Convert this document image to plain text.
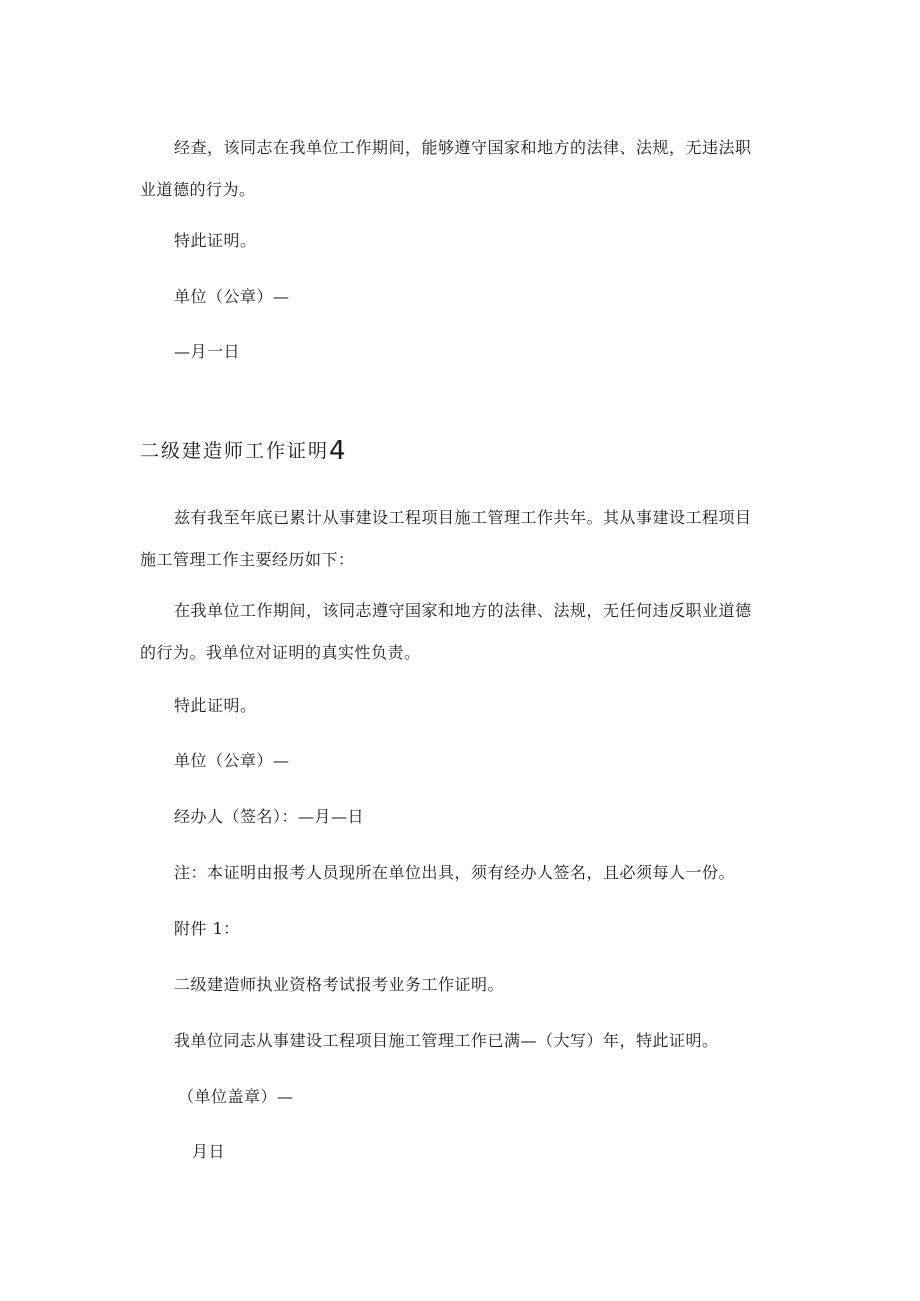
经查，该同志在我单位工作期间，能够遵守国家和地方的法律、法规，无违法职业道德的行为。
特此证明。
单位（公章）—
—月一日
二级建造师工作证明4
兹有我至年底已累计从事建设工程项目施工管理工作共年。其从事建设工程项目施工管理工作主要经历如下：
在我单位工作期间，该同志遵守国家和地方的法律、法规，无任何违反职业道德的行为。我单位对证明的真实性负责。
特此证明。
单位（公章）—
经办人（签名）：—月—日
注：本证明由报考人员现所在单位出具，须有经办人签名，且必须每人一份。
附件 1：
二级建造师执业资格考试报考业务工作证明。
我单位同志从事建设工程项目施工管理工作已满—（大写）年，特此证明。
（单位盖章）—
月日
